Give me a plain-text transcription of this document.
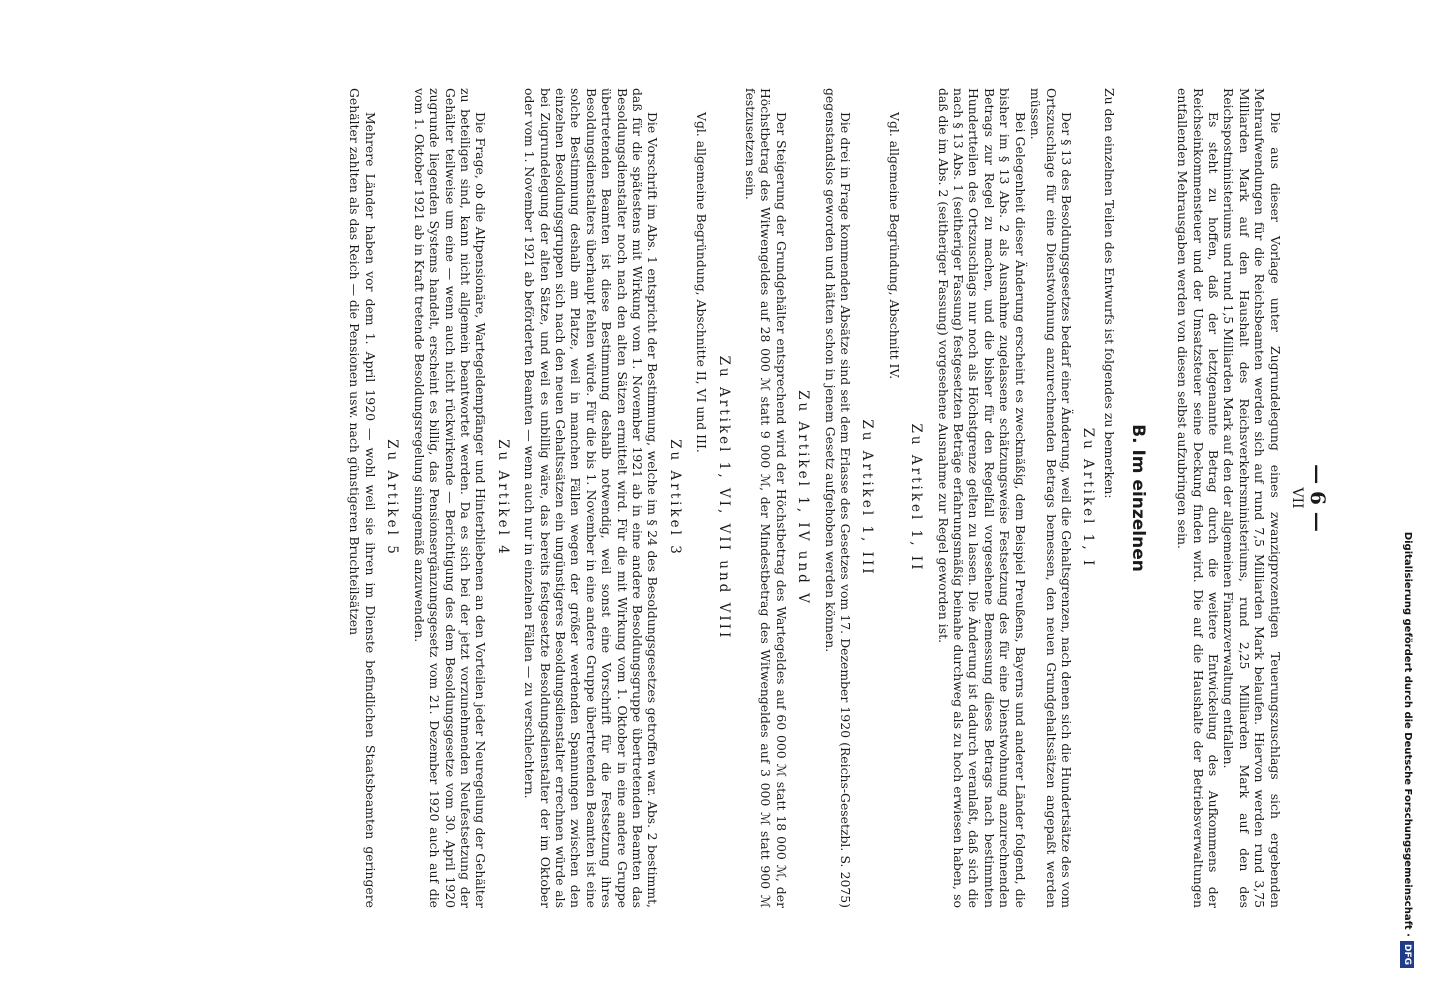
— 6 —
VII

Die aus dieser Vorlage unter Zugrundelegung eines zwanzigprozentigen Teuerungszuschlags sich ergebenden Mehraufwendungen für die Reichsbeamten werden sich auf rund 7,5 Milliarden Mark belaufen. Hiervon werden rund 3,75 Milliarden Mark auf den Haushalt des Reichsverkehrsministeriums, rund 2,25 Milliarden Mark auf den des Reichspostministeriums und rund 1,5 Milliarden Mark auf den der allgemeinen Finanzverwaltung entfallen.

Es steht zu hoffen, daß der letztgenannte Betrag durch die weitere Entwickelung des Aufkommens der Reichseinkommensteuer und der Umsatzsteuer seine Deckung finden wird. Die auf die Haushalte der Betriebsverwaltungen entfallenden Mehrausgaben werden von diesen selbst aufzubringen sein.

B. Im einzelnen

Zu den einzelnen Teilen des Entwurfs ist folgendes zu bemerken:

Zu Artikel 1, I

Der § 13 des Besoldungsgesetzes bedarf einer Änderung, weil die Gehaltsgrenzen, nach denen sich die Hundertsätze des vom Ortszuschlage für eine Dienstwohnung anzurechnenden Betrags bemessen, den neuen Grundgehaltssätzen angepaßt werden müssen.

Bei Gelegenheit dieser Änderung erscheint es zweckmäßig, dem Beispiel Preußens, Bayerns und anderer Länder folgend, die bisher im § 13 Abs. 2 als Ausnahme zugelassene schätzungsweise Festsetzung des für eine Dienstwohnung anzurechnenden Betrags zur Regel zu machen, und die bisher für den Regelfall vorgesehene Bemessung dieses Betrags nach bestimmten Hundertteilen des Ortszuschlags nur noch als Höchstgrenze gelten zu lassen. Die Änderung ist dadurch veranlaßt, daß sich die nach § 13 Abs. 1 (seitheriger Fassung) festgesetzten Beträge erfahrungsmäßig beinahe durchweg als zu hoch erwiesen haben, so daß die im Abs. 2 (seitheriger Fassung) vorgesehene Ausnahme zur Regel geworden ist.

Zu Artikel 1, II

Vgl. allgemeine Begründung, Abschnitt IV.

Zu Artikel 1, III

Die drei in Frage kommenden Absätze sind seit dem Erlasse des Gesetzes vom 17. Dezember 1920 (Reichs-Gesetzbl. S. 2075) gegenstandslos geworden und hätten schon in jenem Gesetz aufgehoben werden können.

Zu Artikel 1, IV und V

Der Steigerung der Grundgehälter entsprechend wird der Höchstbetrag des Wartegeldes auf 60 000 ℳ statt 18 000 ℳ, der Höchstbetrag des Witwengeldes auf 28 000 ℳ statt 9 000 ℳ, der Mindestbetrag des Witwengeldes auf 3 000 ℳ statt 900 ℳ festzusetzen sein.

Zu Artikel 1, VI, VII und VIII

Vgl. allgemeine Begründung, Abschnitte II, VI und III.

Zu Artikel 3

Die Vorschrift im Abs. 1 entspricht der Bestimmung, welche im § 24 des Besoldungsgesetzes getroffen war. Abs. 2 bestimmt, daß für die spätestens mit Wirkung vom 1. November 1921 ab in eine andere Besoldungsgruppe übertretenden Beamten das Besoldungsdienstalter noch nach den alten Sätzen ermittelt wird. Für die mit Wirkung vom 1. Oktober in eine andere Gruppe übertretenden Beamten ist diese Bestimmung deshalb notwendig, weil sonst eine Vorschrift für die Festsetzung ihres Besoldungsdienstalters überhaupt fehlen würde. Für die bis 1. November in eine andere Gruppe übertretenden Beamten ist eine solche Bestimmung deshalb am Platze, weil in manchen Fällen wegen der größer werdenden Spannungen zwischen den einzelnen Besoldungsgruppen sich nach den neuen Gehaltssätzen ein ungünstigeres Besoldungsdienstalter errechnen würde als bei Zugrundelegung der alten Sätze, und weil es unbillig wäre, das bereits festgesetzte Besoldungsdienstalter der im Oktober oder vom 1. November 1921 ab beförderten Beamten — wenn auch nur in einzelnen Fällen — zu verschlechtern.

Zu Artikel 4

Die Frage, ob die Altpensionäre, Wartegeldempfänger und Hinterbliebenen an den Vorteilen jeder Neuregelung der Gehälter zu beteiligen sind, kann nicht allgemein beantwortet werden. Da es sich bei der jetzt vorzunehmenden Neufestsetzung der Gehälter teilweise um eine — wenn auch nicht rückwirkende — Berichtigung des dem Besoldungsgesetze vom 30. April 1920 zugrunde liegenden Systems handelt, erscheint es billig, das Pensionsergänzungsgesetz vom 21. Dezember 1920 auch auf die vom 1. Oktober 1921 ab in Kraft tretende Besoldungsregelung sinngemäß anzuwenden.

Zu Artikel 5

Mehrere Länder haben vor dem 1. April 1920 — wohl weil sie ihren im Dienste befindlichen Staatsbeamten geringere Gehälter zahlten als das Reich — die Pensionen usw. nach günstigeren Bruchteilsätzen

Digitalisierung gefördert durch die Deutsche Forschungsgemeinschaft ·DFG
